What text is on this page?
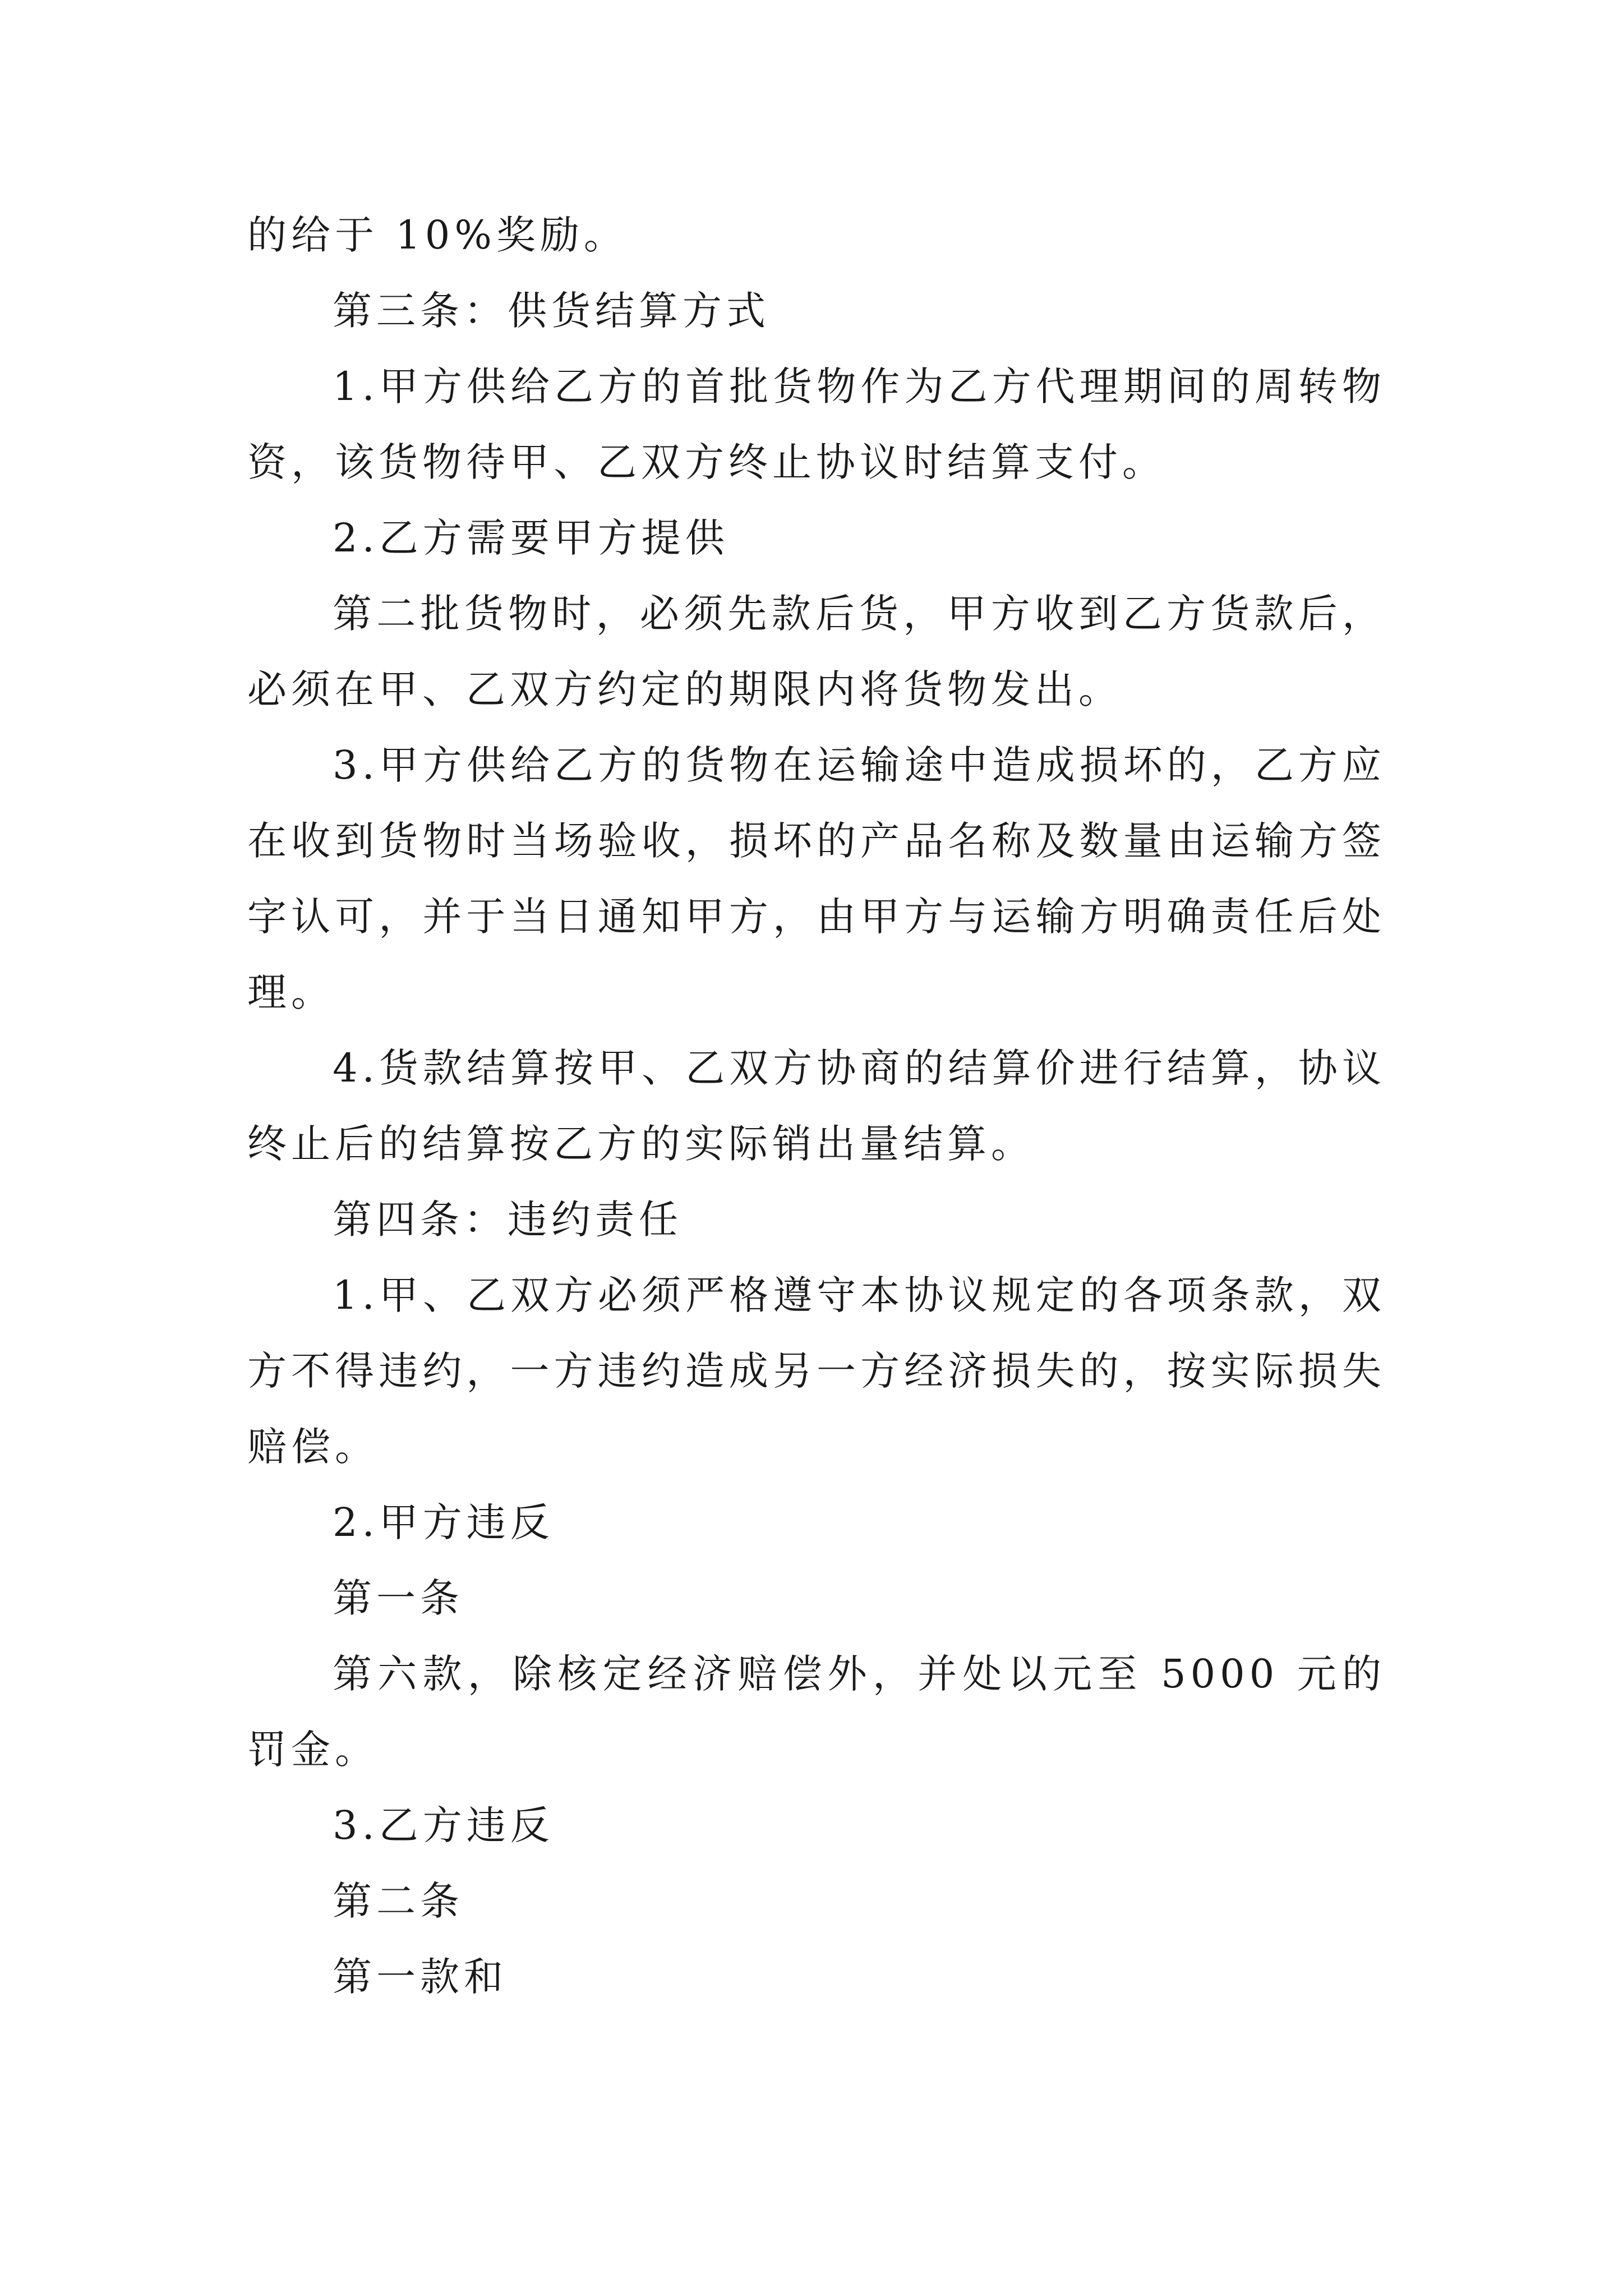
的给于 10%奖励。

第三条：供货结算方式

1.甲方供给乙方的首批货物作为乙方代理期间的周转物资，该货物待甲、乙双方终止协议时结算支付。

2.乙方需要甲方提供

第二批货物时，必须先款后货，甲方收到乙方货款后，必须在甲、乙双方约定的期限内将货物发出。

3.甲方供给乙方的货物在运输途中造成损坏的，乙方应在收到货物时当场验收，损坏的产品名称及数量由运输方签字认可，并于当日通知甲方，由甲方与运输方明确责任后处理。

4.货款结算按甲、乙双方协商的结算价进行结算，协议终止后的结算按乙方的实际销出量结算。

第四条：违约责任

1.甲、乙双方必须严格遵守本协议规定的各项条款，双方不得违约，一方违约造成另一方经济损失的，按实际损失赔偿。

2.甲方违反

第一条

第六款，除核定经济赔偿外，并处以元至 5000 元的罚金。

3.乙方违反

第二条

第一款和
